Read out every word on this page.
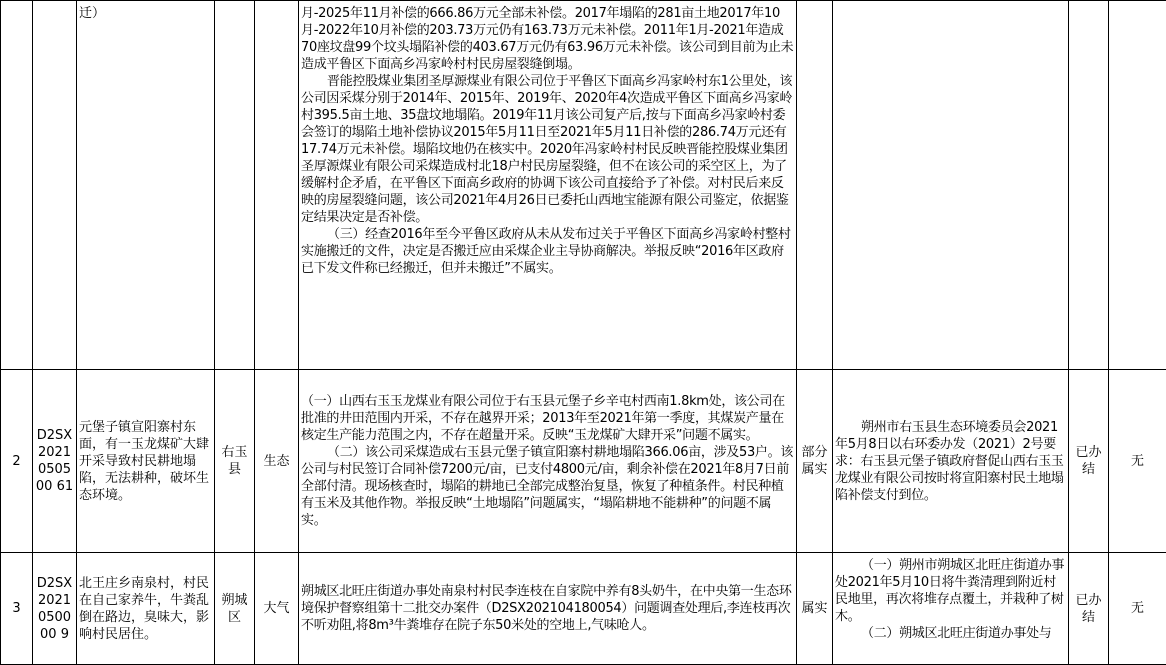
		迁）			月-2025年11月补偿的666.86万元全部未补偿。2017年塌陷的281亩土地2017年10月-2022年10月补偿的203.73万元仍有163.73万元未补偿。2011年1月-2021年造成70座坟盘99个坟头塌陷补偿的403.67万元仍有63.96万元未补偿。该公司到目前为止未造成平鲁区下面高乡冯家岭村村民房屋裂缝倒塌。

晋能控股煤业集团圣厚源煤业有限公司位于平鲁区下面高乡冯家岭村东1公里处，该公司因采煤分别于2014年、2015年、2019年、2020年4次造成平鲁区下面高乡冯家岭村395.5亩土地、35盘坟地塌陷。2019年11月该公司复产后,按与下面高乡冯家岭村委会签订的塌陷土地补偿协议2015年5月11日至2021年5月11日补偿的286.74万元还有17.74万元未补偿。塌陷坟地仍在核实中。2020年冯家岭村村民反映晋能控股煤业集团圣厚源煤业有限公司采煤造成村北18户村民房屋裂缝，但不在该公司的采空区上，为了缓解村企矛盾，在平鲁区下面高乡政府的协调下该公司直接给予了补偿。对村民后来反映的房屋裂缝问题，该公司2021年4月26日已委托山西地宝能源有限公司鉴定，依据鉴定结果决定是否补偿。

（三）经查2016年至今平鲁区政府从未从发布过关于平鲁区下面高乡冯家岭村整村实施搬迁的文件，决定是否搬迁应由采煤企业主导协商解决。举报反映“2016年区政府已下发文件称已经搬迁，但并未搬迁”不属实。				

2	D2SX2021050500 61	元堡子镇宣阳寨村东面，有一玉龙煤矿大肆开采导致村民耕地塌陷，无法耕种，破坏生态环境。	右玉县	生态	（一）山西右玉玉龙煤业有限公司位于右玉县元堡子乡辛屯村西南1.8km处，该公司在批准的井田范围内开采，不存在越界开采；2013年至2021年第一季度，其煤炭产量在核定生产能力范围之内，不存在超量开采。反映“玉龙煤矿大肆开采”问题不属实。

（二）该公司采煤造成右玉县元堡子镇宣阳寨村耕地塌陷366.06亩，涉及53户。该公司与村民签订合同补偿7200元/亩，已支付4800元/亩，剩余补偿在2021年8月7日前全部付清。现场核查时，塌陷的耕地已全部完成整治复垦，恢复了种植条件。村民种植有玉米及其他作物。举报反映“土地塌陷”问题属实，“塌陷耕地不能耕种”的问题不属实。	部分属实	朔州市右玉县生态环境委员会2021年5月8日以右环委办发（2021）2号要求：右玉县元堡子镇政府督促山西右玉玉龙煤业有限公司按时将宣阳寨村民土地塌陷补偿支付到位。	已办结	无
3	D2SX2021050000 9	北王庄乡南泉村，村民在自己家养牛，牛粪乱倒在路边，臭味大，影响村民居住。	朔城区	大气	朔城区北旺庄街道办事处南泉村村民李连枝在自家院中养有8头奶牛，在中央第一生态环境保护督察组第十二批交办案件（D2SX202104180054）问题调查处理后,李连枝再次不听劝阻,将8m³牛粪堆存在院子东50米处的空地上,气味呛人。	属实	（一）朔州市朔城区北旺庄街道办事处2021年5月10日将牛粪清理到附近村民地里，再次将堆存点覆土，并栽种了树木。

（二）朔城区北旺庄街道办事处与	已办结	无
